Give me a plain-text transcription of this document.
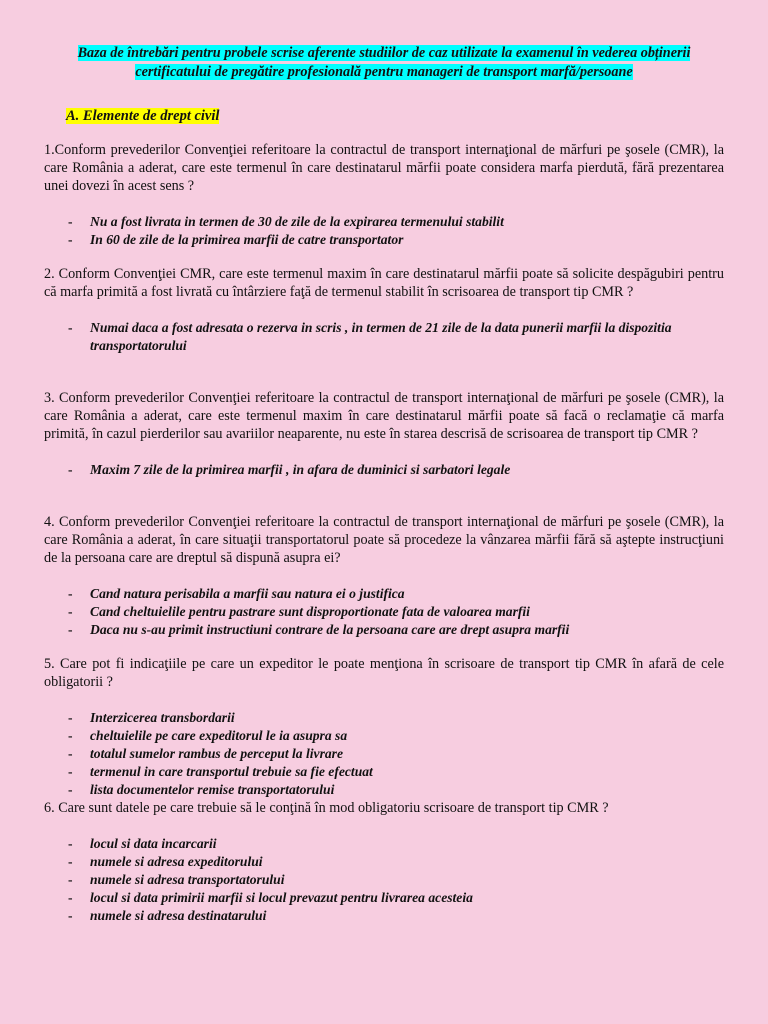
Baza de întrebări pentru probele scrise aferente studiilor de caz utilizate la examenul în vederea obținerii
certificatului de pregătire profesională pentru manageri de transport marfă/persoane

A. Elemente de drept civil

1.Conform prevederilor Convenţiei referitoare la contractul de transport internaţional de mărfuri pe şosele (CMR), la care România a aderat, care este termenul în care destinatarul mărfii poate considera marfa pierdută, fără prezentarea unei dovezi în acest sens ?

- Nu a fost livrata in termen de 30 de zile de la expirarea termenului stabilit
- In 60 de zile de la primirea marfii de catre transportator

2. Conform Convenţiei CMR, care este termenul maxim în care destinatarul mărfii poate să solicite despăgubiri pentru că marfa primită a fost livrată cu întârziere faţă de termenul stabilit în scrisoarea de transport tip CMR ?

- Numai daca a fost adresata o rezerva in scris , in termen de 21 zile de la data punerii marfii la dispozitia transportatorului

3. Conform prevederilor Convenţiei referitoare la contractul de transport internaţional de mărfuri pe şosele (CMR), la care România a aderat, care este termenul maxim în care destinatarul mărfii poate să facă o reclamaţie că marfa primită, în cazul pierderilor sau avariilor neaparente, nu este în starea descrisă de scrisoarea de transport tip CMR ?

- Maxim 7 zile de la primirea marfii , in afara de duminici si sarbatori legale

4. Conform prevederilor Convenţiei referitoare la contractul de transport internaţional de mărfuri pe şosele (CMR), la care România a aderat, în care situaţii transportatorul poate să procedeze la vânzarea mărfii fără să aştepte instrucţiuni de la persoana care are dreptul să dispună asupra ei?

- Cand natura perisabila a marfii sau natura ei o justifica
- Cand cheltuielile pentru pastrare sunt disproportionate fata de valoarea marfii
- Daca nu s-au primit instructiuni contrare de la persoana care are drept asupra marfii

5. Care pot fi indicaţiile pe care un expeditor le poate menţiona în scrisoare de transport tip CMR în afară de cele obligatorii ?

- Interzicerea transbordarii
- cheltuielile pe care expeditorul le ia asupra sa
- totalul sumelor rambus de perceput la livrare
- termenul in care transportul trebuie sa fie efectuat
- lista documentelor remise transportatorului

6. Care sunt datele pe care trebuie să le conţină în mod obligatoriu scrisoare de transport tip CMR ?

- locul si data incarcarii
- numele si adresa expeditorului
- numele si adresa transportatorului
- locul si data primirii marfii si locul prevazut pentru livrarea acesteia
- numele si adresa destinatarului
